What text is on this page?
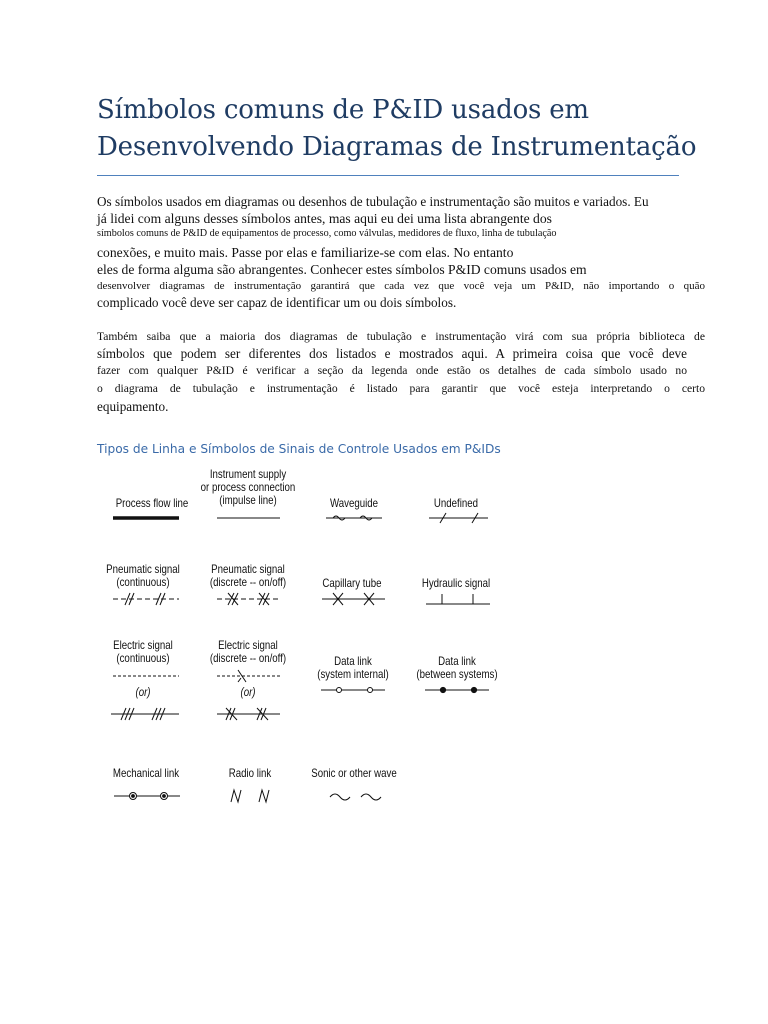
Símbolos comuns de P&ID usados em
Desenvolvendo Diagramas de Instrumentação
Os símbolos usados em diagramas ou desenhos de tubulação e instrumentação são muitos e variados. Eu
já lidei com alguns desses símbolos antes, mas aqui eu dei uma lista abrangente dos
símbolos comuns de P&ID de equipamentos de processo, como válvulas, medidores de fluxo, linha de tubulação
conexões, e muito mais. Passe por elas e familiarize-se com elas. No entanto
eles de forma alguma são abrangentes. Conhecer estes símbolos P&ID comuns usados em
desenvolver diagramas de instrumentação garantirá que cada vez que você veja um P&ID, não importando o quão
complicado você deve ser capaz de identificar um ou dois símbolos.
Também saiba que a maioria dos diagramas de tubulação e instrumentação virá com sua própria biblioteca de
símbolos que podem ser diferentes dos listados e mostrados aqui. A primeira coisa que você deve
fazer com qualquer P&ID é verificar a seção da legenda onde estão os detalhes de cada símbolo usado no
o diagrama de tubulação e instrumentação é listado para garantir que você esteja interpretando o certo
equipamento.
Tipos de Linha e Símbolos de Sinais de Controle Usados em P&IDs
Process flow line
Instrument supply
or process connection
(impulse line)	Waveguide	Undefined
Pneumatic signal
(continuous)
Pneumatic signal
(discrete -- on/off)	Capillary tube	Hydraulic signal
Electric signal
(continuous)
Electric signal
(discrete -- on/off)	Data link
(system internal)
Data link
(between systems)
(or)	(or)
Mechanical link	Radio link	Sonic or other wave
